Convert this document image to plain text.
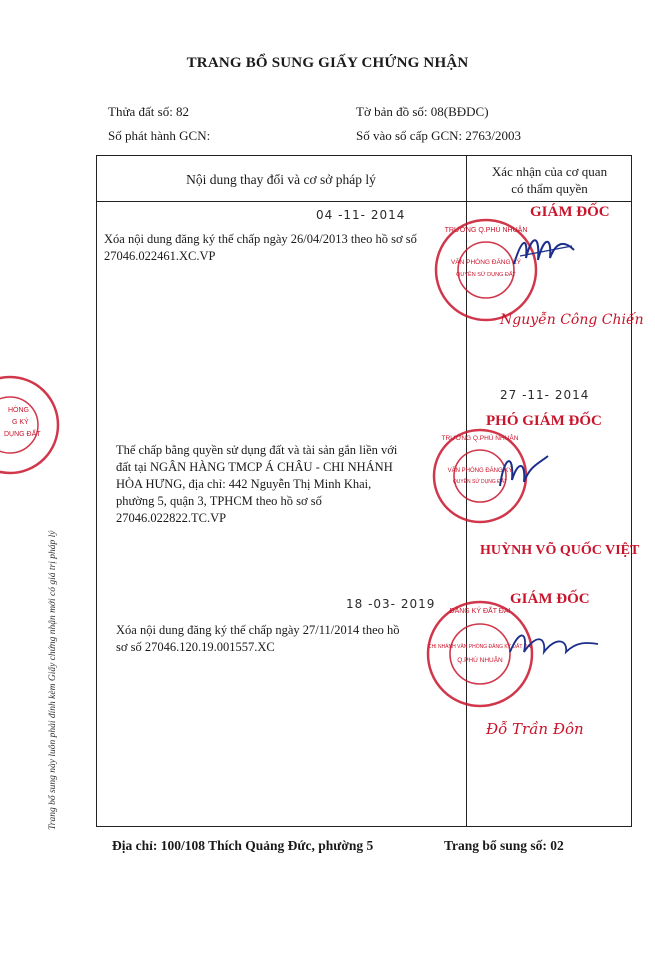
TRANG BỔ SUNG GIẤY CHỨNG NHẬN
Thửa đất số: 82	Tờ bản đồ số: 08(BĐDC)
Số phát hành GCN:	Số vào sổ cấp GCN: 2763/2003
Nội dung thay đổi và cơ sở pháp lý
Xác nhận của cơ quan
có thẩm quyền
04 -11- 2014
Xóa nội dung đăng ký thế chấp ngày 26/04/2013 theo hồ sơ số
27046.022461.XC.VP
GIÁM ĐỐC
Nguyễn Công Chiến
VĂN PHÒNG ĐĂNG KÝ
QUYỀN SỬ DỤNG ĐẤT
TRƯỜNG Q.PHÚ NHUẬN
27 -11- 2014
PHÓ GIÁM ĐỐC
Thế chấp bằng quyền sử dụng đất và tài sản gắn liền với
đất tại NGÂN HÀNG TMCP Á CHÂU - CHI NHÁNH
HÒA HƯNG, địa chỉ: 442 Nguyễn Thị Minh Khai,
phường 5, quận 3, TPHCM theo hồ sơ số
27046.022822.TC.VP
VĂN PHÒNG ĐĂNG KÝ
QUYỀN SỬ DỤNG ĐẤT
TRƯỜNG Q.PHÚ NHUẬN
HUỲNH VÕ QUỐC VIỆT
18 -03- 2019	GIÁM ĐỐC
Xóa nội dung đăng ký thế chấp ngày 27/11/2014 theo hồ
sơ số 27046.120.19.001557.XC	CHI NHÁNH VĂN PHÒNG ĐĂNG KÝ ĐẤT ĐAI
Q.PHÚ NHUẬN
ĐĂNG KÝ ĐẤT ĐAI
Đỗ Trần Đôn
HÒNG
G KÝ
DỤNG ĐẤT
Trang bổ sung này luôn phải đính kèm Giấy chứng nhận mới có giá trị pháp lý
Địa chỉ: 100/108 Thích Quảng Đức, phường 5	Trang bổ sung số: 02
